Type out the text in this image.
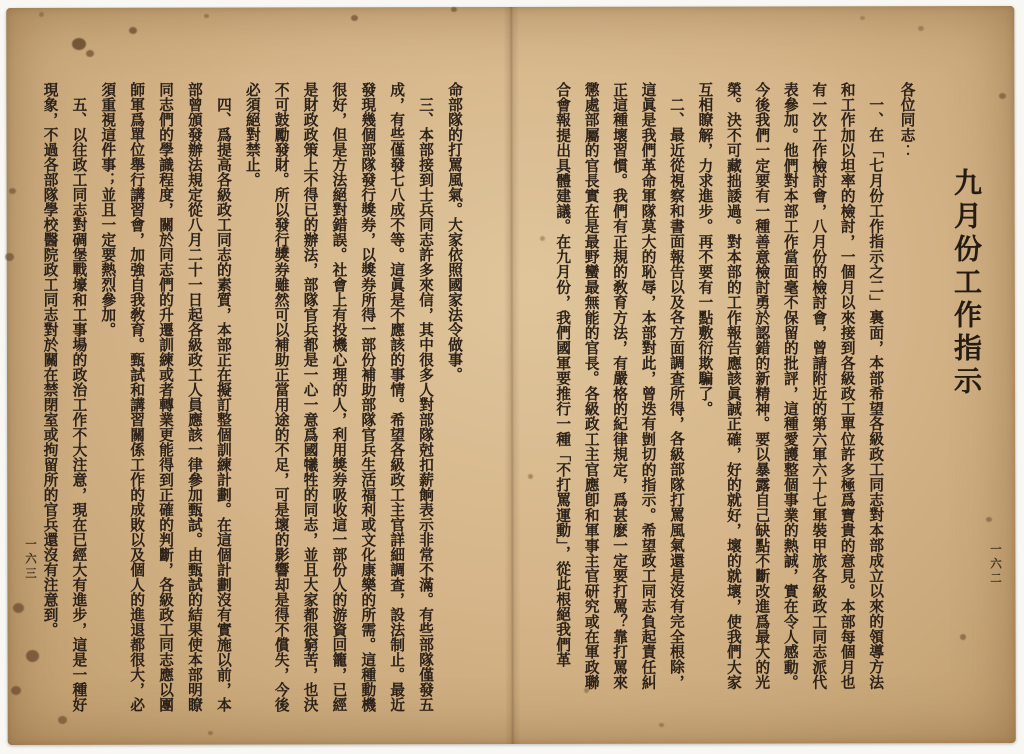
九月份工作指示
各位同志︰

一、在「七月份工作指示之二」裏面，本部希望各級政工同志對本部成立以來的領導方法和工作加以坦率的檢討，一個月以來接到各級政工單位許多極爲寶貴的意見。本部每個月也有一次工作檢討會，八月份的檢討會，曾請附近的第六軍六十七軍裝甲旅各級政工同志派代表參加。他們對本部工作當面毫不保留的批評，這種愛護整個事業的熱誠，實在令人感動。今後我們一定要有一種善意檢討勇於認錯的新精神。要以暴露自己缺點不斷改進爲最大的光榮。決不可藏拙諉過。對本部的工作報告應該眞誠正確，好的就好，壞的就壞，使我們大家互相瞭解，力求進步。再不要有一點敷衍欺騙了。

二、最近從視察和書面報告以及各方面調查所得，各級部隊打罵風氣還是沒有完全根除，這眞是我們革命軍隊莫大的恥辱，本部對此，曾迭有剴切的指示。希望政工同志負起責任糾正這種壞習慣。我們有正規的敎育方法，有嚴格的紀律規定，爲甚麽一定要打罵？靠打罵來懲處部屬的官長實在是最野蠻最無能的官長。各級政工主官應卽和軍事主官研究或在軍政聯合會報提出具體建議。在九月份，我們國軍要推行一種「不打罵運動」，從此根絕我們革

命部隊的打罵風氣。大家依照國家法令做事。

三、本部接到士兵同志許多來信，其中很多人對部隊尅扣薪餉表示非常不滿。有些部隊僅發五成，有些僅發七八成不等。這眞是不應該的事情。希望各級政工主官詳細調查，設法制止。最近發現幾個部隊發行獎券，以獎券所得一部份補助部隊官兵生活福利或文化康樂的所需。這種動機很好，但是方法絕對錯誤。社會上有投機心理的人，利用獎券吸收這一部份人的游資回籠，已經是財政政策上不得已的辦法，部隊官兵都是一心一意爲國犧牲的同志，並且大家都很窮苦，也決不可鼓勵發財。所以發行獎券雖然可以補助正當用途的不足，可是壞的影響却是得不償失，今後必須絕對禁止。

四、爲提高各級政工同志的素質，本部正在擬訂整個訓練計劃。在這個計劃沒有實施以前，本部曾頒發辦法規定從八月二十一日起各級政工人員應該一律參加甄試。由甄試的結果使本部明瞭同志們的學識程度，關於同志們的升遷訓練或者轉業更能得到正確的判斷，各級政工同志應以團師軍爲單位舉行講習會，加強自我敎育。甄試和講習關係工作的成敗以及個人的進退都很大，必須重視這件事；並且一定要熱烈參加。

五、以往政工同志對碉堡戰壕和工事場的政治工作不大注意，現在已經大有進步，這是一種好現象，不過各部隊學校醫院政工同志對於關在禁閉室或拘留所的官兵還沒有注意到。

一六三	一六二
